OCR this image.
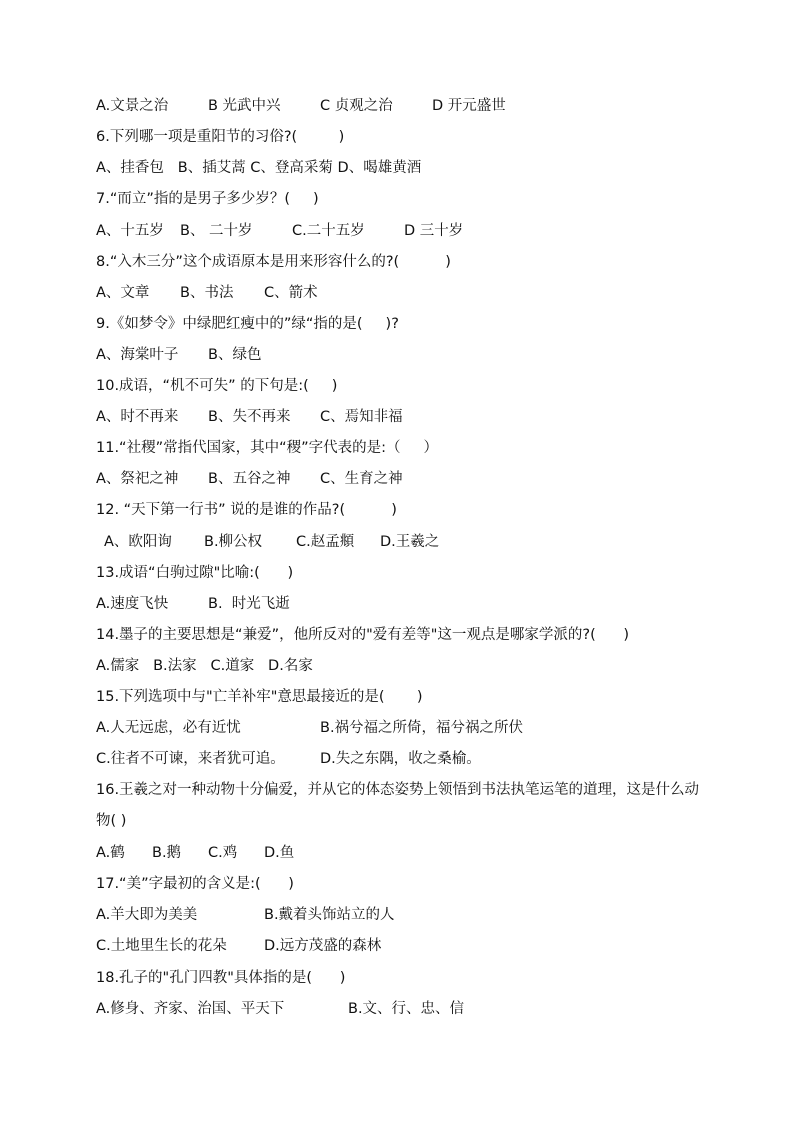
A.文景之治

	B 光武中兴

	C 贞观之治

	D 开元盛世

6.下列哪一项是重阳节的习俗?(         )
A、挂香包   B、插艾蒿 C、登高采菊 D、喝雄黄酒
7.“而立”指的是男子多少岁？(     )

A、十五岁

B、 二十岁

	C.二十五岁

	D 三十岁

8.“入木三分”这个成语原本是用来形容什么的?(          )

A、文章

B、书法

C、箭术

9.《如梦令》中绿肥红瘦中的”绿“指的是(     )?

A、海棠叶子

B、绿色

10.成语，“机不可失” 的下句是:(     )

A、时不再来

B、失不再来

C、焉知非福

11.“社稷”常指代国家，其中“稷”字代表的是:（     ）

A、祭祀之神

B、五谷之神

C、生育之神

12. “天下第一行书” 说的是谁的作品?(          )

A、欧阳询

B.柳公权

C.赵孟頫

D.王羲之

13.成语“白驹过隙"比喻:(      )

A.速度飞快

	B.  时光飞逝

14.墨子的主要思想是“兼爱”，他所反对的"爱有差等"这一观点是哪家学派的?(      )
A.儒家   B.法家   C.道家   D.名家
15.下列选项中与"亡羊补牢"意思最接近的是(       )

A.人无远虑，必有近忧

	B.祸兮福之所倚，福兮祸之所伏

C.往者不可谏，来者犹可追。

D.失之东隅，收之桑榆。

16.王羲之对一种动物十分偏爱，并从它的体态姿势上领悟到书法执笔运笔的道理，这是什么动物( )

A.鹤

B.鹅

C.鸡

D.鱼

17.“美”字最初的含义是:(      )

A.羊大即为美美

	B.戴着头饰站立的人

C.土地里生长的花朵

	D.远方茂盛的森林

18.孔子的"孔门四教"具体指的是(      )

A.修身、齐家、治国、平天下

	B.文、行、忠、信
